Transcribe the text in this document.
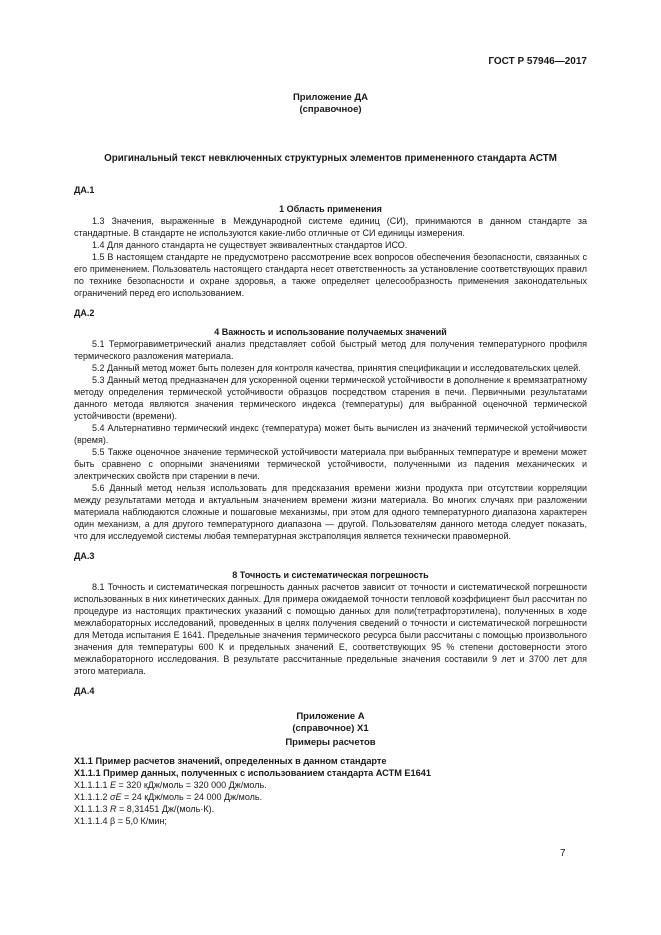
ГОСТ Р 57946—2017
Приложение ДА
(справочное)
Оригинальный текст невключенных структурных элементов примененного стандарта АСТМ
ДА.1
1 Область применения

1.3 Значения, выраженные в Международной системе единиц (СИ), принимаются в данном стандарте за стандартные. В стандарте не используются какие-либо отличные от СИ единицы измерения.

1.4 Для данного стандарта не существует эквивалентных стандартов ИСО.

1.5 В настоящем стандарте не предусмотрено рассмотрение всех вопросов обеспечения безопасности, связанных с его применением. Пользователь настоящего стандарта несет ответственность за установление соответствующих правил по технике безопасности и охране здоровья, а также определяет целесообразность применения законодательных ограничений перед его использованием.

ДА.2
4 Важность и использование получаемых значений

5.1 Термогравиметрический анализ представляет собой быстрый метод для получения температурного профиля термического разложения материала.

5.2 Данный метод может быть полезен для контроля качества, принятия спецификации и исследовательских целей.

5.3 Данный метод предназначен для ускоренной оценки термической устойчивости в дополнение к времязатратному методу определения термической устойчивости образцов посредством старения в печи. Первичными результатами данного метода являются значения термического индекса (температуры) для выбранной оценочной термической устойчивости (времени).

5.4 Альтернативно термический индекс (температура) может быть вычислен из значений термической устойчивости (время).

5.5 Также оценочное значение термической устойчивости материала при выбранных температуре и времени может быть сравнено с опорными значениями термической устойчивости, полученными из падения механических и электрических свойств при старении в печи.

5.6 Данный метод нельзя использовать для предсказания времени жизни продукта при отсутствии корреляции между результатами метода и актуальным значением времени жизни материала. Во многих случаях при разложении материала наблюдаются сложные и пошаговые механизмы, при этом для одного температурного диапазона характерен один механизм, а для другого температурного диапазона — другой. Пользователям данного метода следует показать, что для исследуемой системы любая температурная экстраполяция является технически правомерной.

ДА.3
8 Точность и систематическая погрешность

8.1 Точность и систематическая погрешность данных расчетов зависит от точности и систематической погрешности использованных в них кинетических данных. Для примера ожидаемой точности тепловой коэффициент был рассчитан по процедуре из настоящих практических указаний с помощью данных для поли(тетрафторэтилена), полученных в ходе межлабораторных исследований, проведенных в целях получения сведений о точности и систематической погрешности для Метода испытания Е 1641. Предельные значения термического ресурса были рассчитаны с помощью произвольного значения для температуры 600 К и предельных значений Е, соответствующих 95 % степени достоверности этого межлабораторного исследования. В результате рассчитанные предельные значения составили 9 лет и 3700 лет для этого материала.

ДА.4
Приложение А
(справочное) Х1
Примеры расчетов
Х1.1 Пример расчетов значений, определенных в данном стандарте
Х1.1.1 Пример данных, полученных с использованием стандарта АСТМ Е1641
Х1.1.1.1 E = 320 кДж/моль = 320 000 Дж/моль.
Х1.1.1.2 σE = 24 кДж/моль = 24 000 Дж/моль.
Х1.1.1.3 R = 8,31451 Дж/(моль·К).
Х1.1.1.4 β = 5,0 К/мин;
7
